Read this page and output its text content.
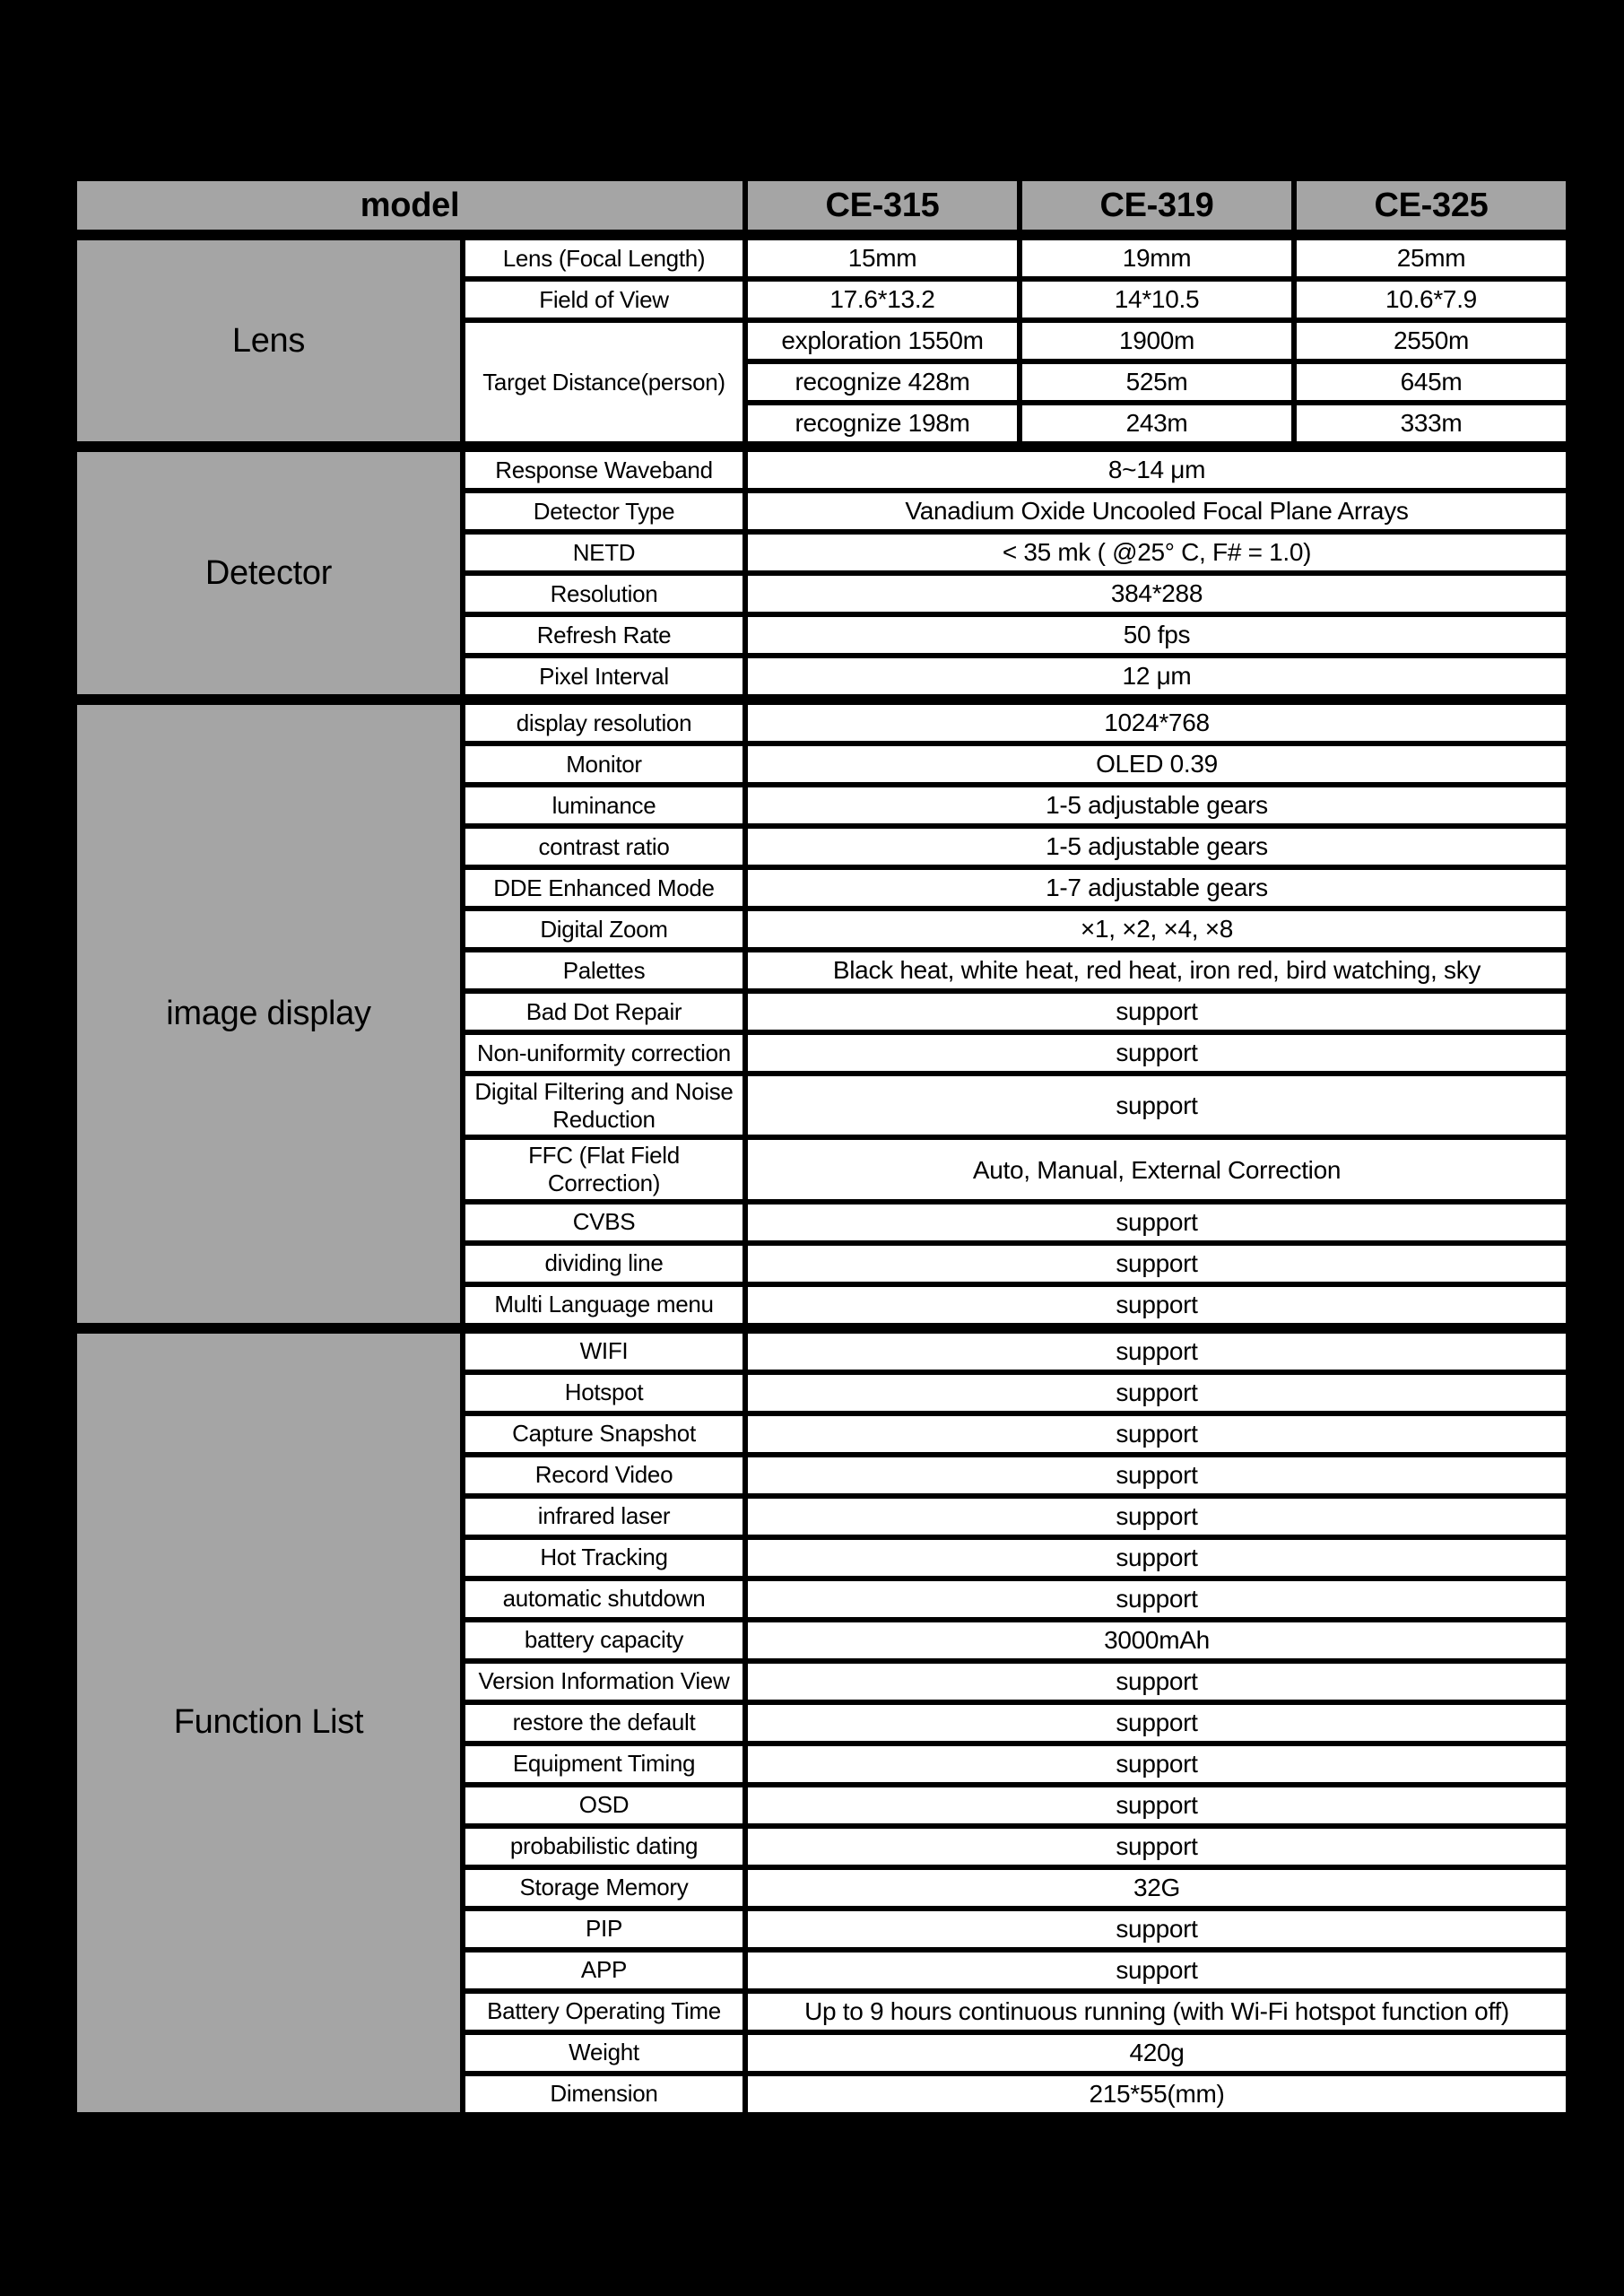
model		CE-315	CE-319	CE-325
Lens	Lens (Focal Length)	15mm	19mm	25mm
	Field of View	17.6*13.2	14*10.5	10.6*7.9
	Target Distance(person)	exploration 1550m	1900m	2550m
		recognize 428m	525m	645m
		recognize 198m	243m	333m
Detector	Response Waveband	8~14 μm		
	Detector Type	Vanadium Oxide Uncooled Focal Plane Arrays		
	NETD	< 35 mk ( @25° C, F# = 1.0)		
	Resolution	384*288		
	Refresh Rate	50 fps		
	Pixel Interval	12 μm		
image display	display resolution	1024*768		
	Monitor	OLED 0.39		
	luminance	1-5 adjustable gears		
	contrast ratio	1-5 adjustable gears		
	DDE Enhanced Mode	1-7 adjustable gears		
	Digital Zoom	×1, ×2, ×4, ×8		
	Palettes	Black heat, white heat, red heat, iron red, bird watching, sky		
	Bad Dot Repair	support		
	Non-uniformity correction	support		
	Digital Filtering and Noise Reduction	support		
	FFC (Flat Field Correction)	Auto, Manual, External Correction		
	CVBS	support		
	dividing line	support		
	Multi Language menu	support		
Function List	WIFI	support		
	Hotspot	support		
	Capture Snapshot	support		
	Record Video	support		
	infrared laser	support		
	Hot Tracking	support		
	automatic shutdown	support		
	battery capacity	3000mAh		
	Version Information View	support		
	restore the default	support		
	Equipment Timing	support		
	OSD	support		
	probabilistic dating	support		
	Storage Memory	32G		
	PIP	support		
	APP	support		
	Battery Operating Time	Up to 9 hours continuous running (with Wi-Fi hotspot function off)		
	Weight	420g		
	Dimension	215*55(mm)		
